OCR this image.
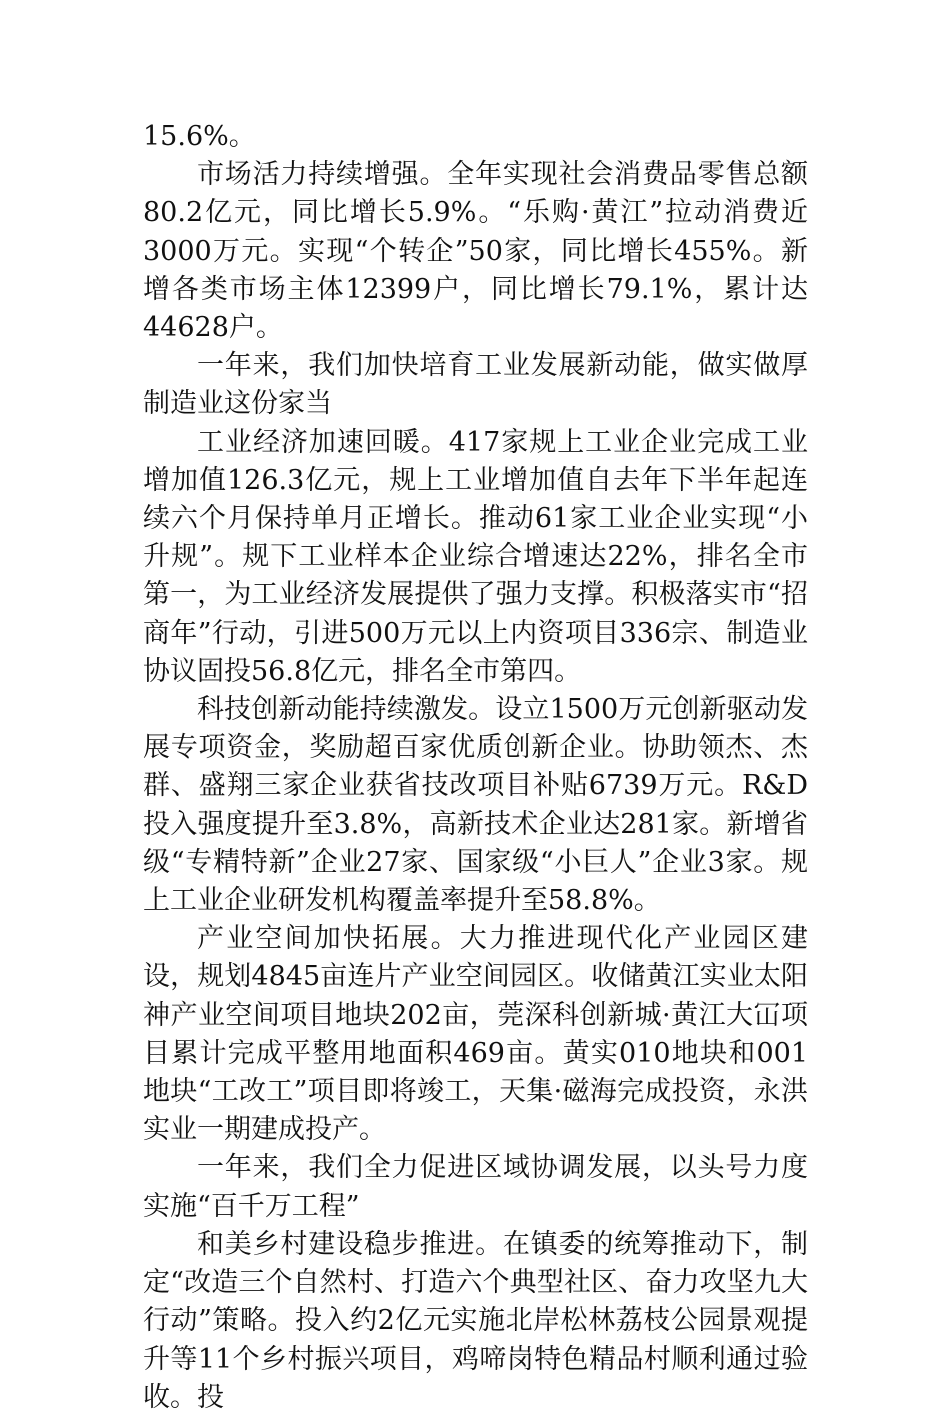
15.6%。

市场活力持续增强。全年实现社会消费品零售总额80.2亿元，同比增长5.9%。“乐购·黄江”拉动消费近3000万元。实现“个转企”50家，同比增长455%。新增各类市场主体12399户，同比增长79.1%，累计达44628户。

一年来，我们加快培育工业发展新动能，做实做厚制造业这份家当

工业经济加速回暖。417家规上工业企业完成工业增加值126.3亿元，规上工业增加值自去年下半年起连续六个月保持单月正增长。推动61家工业企业实现“小升规”。规下工业样本企业综合增速达22%，排名全市第一，为工业经济发展提供了强力支撑。积极落实市“招商年”行动，引进500万元以上内资项目336宗、制造业协议固投56.8亿元，排名全市第四。

科技创新动能持续激发。设立1500万元创新驱动发展专项资金，奖励超百家优质创新企业。协助领杰、杰群、盛翔三家企业获省技改项目补贴6739万元。R&D投入强度提升至3.8%，高新技术企业达281家。新增省级“专精特新”企业27家、国家级“小巨人”企业3家。规上工业企业研发机构覆盖率提升至58.8%。

产业空间加快拓展。大力推进现代化产业园区建设，规划4845亩连片产业空间园区。收储黄江实业太阳神产业空间项目地块202亩，莞深科创新城·黄江大冚项目累计完成平整用地面积469亩。黄实010地块和001地块“工改工”项目即将竣工，天集·磁海完成投资，永洪实业一期建成投产。

一年来，我们全力促进区域协调发展，以头号力度实施“百千万工程”

和美乡村建设稳步推进。在镇委的统筹推动下，制定“改造三个自然村、打造六个典型社区、奋力攻坚九大行动”策略。投入约2亿元实施北岸松林荔枝公园景观提升等11个乡村振兴项目，鸡啼岗特色精品村顺利通过验收。投
